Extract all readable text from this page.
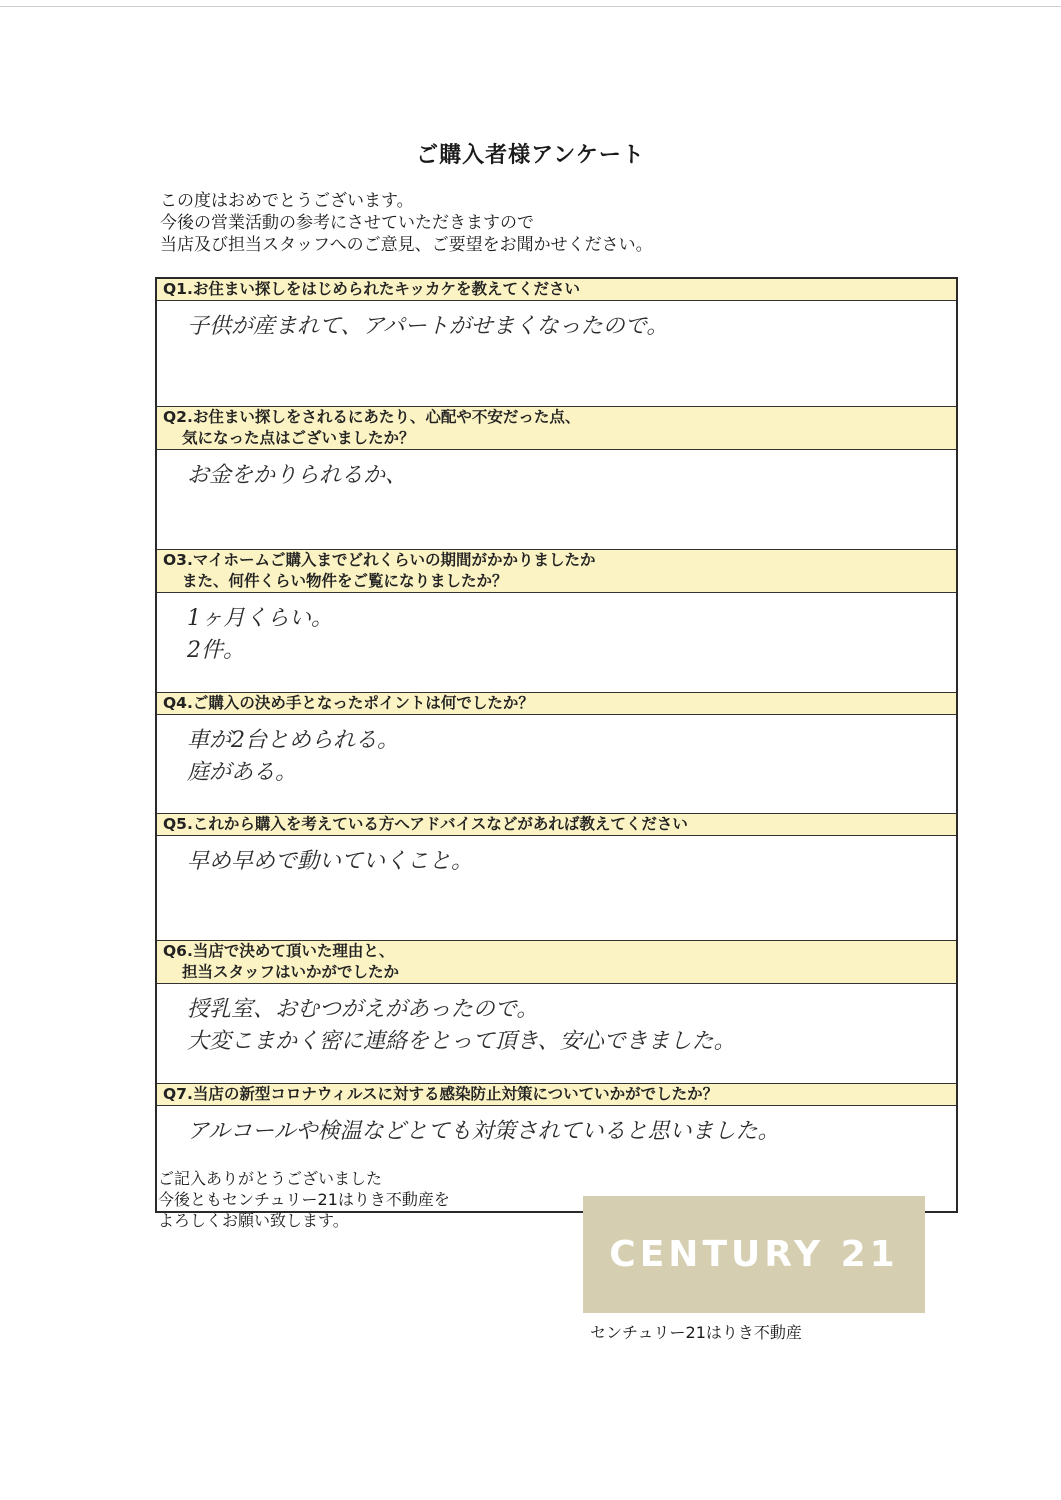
ご購入者様アンケート
この度はおめでとうございます。
今後の営業活動の参考にさせていただきますので
当店及び担当スタッフへのご意見、ご要望をお聞かせください。
Q1.お住まい探しをはじめられたキッカケを教えてください
子供が産まれて、アパートがせまくなったので。
Q2.お住まい探しをされるにあたり、心配や不安だった点、
気になった点はございましたか？
お金をかりられるか、
O3.マイホームご購入までどれくらいの期間がかかりましたか
また、何件くらい物件をご覧になりましたか？
1ヶ月くらい。
2件。
Q4.ご購入の決め手となったポイントは何でしたか？
車が2台とめられる。
庭がある。
Q5.これから購入を考えている方へアドバイスなどがあれば教えてください
早め早めで動いていくこと。
Q6.当店で決めて頂いた理由と、
担当スタッフはいかがでしたか
授乳室、おむつがえがあったので。
大変こまかく密に連絡をとって頂き、安心できました。
Q7.当店の新型コロナウィルスに対する感染防止対策についていかがでしたか？
アルコールや検温などとても対策されていると思いました。
ご記入ありがとうございました
今後ともセンチュリー21はりき不動産を
よろしくお願い致します。
CENTURY 21
センチュリー21はりき不動産
